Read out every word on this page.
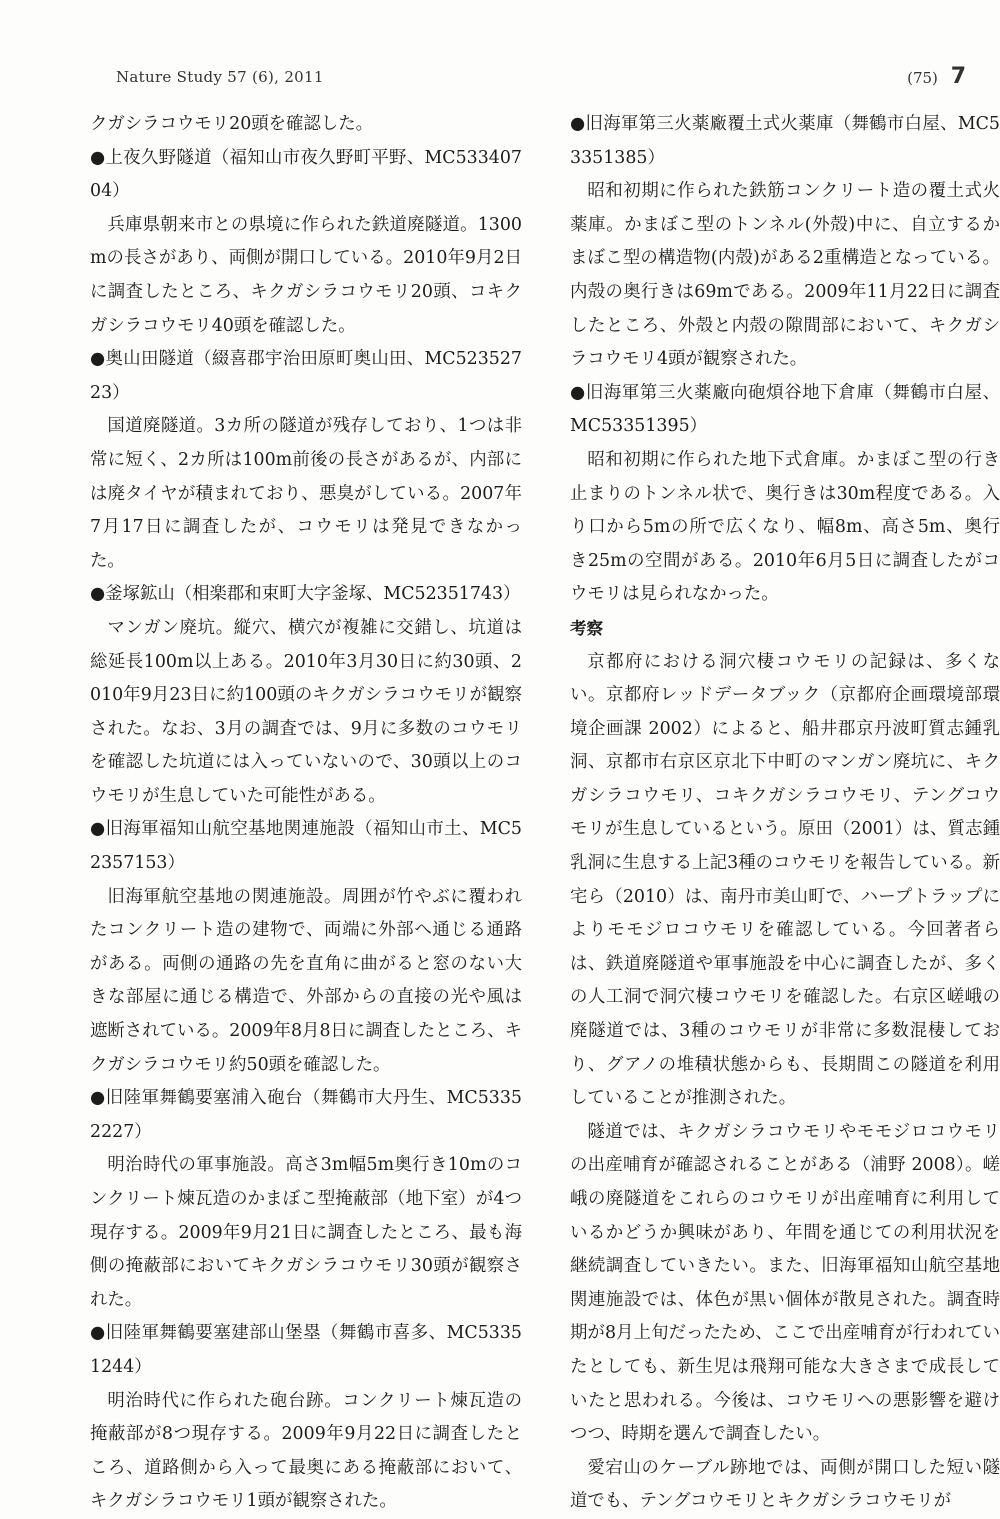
Nature Study 57 (6), 2011	(75) 7

クガシラコウモリ20頭を確認した。

●上夜久野隧道（福知山市夜久野町平野、MC53340704）

兵庫県朝来市との県境に作られた鉄道廃隧道。1300mの長さがあり、両側が開口している。2010年9月2日に調査したところ、キクガシラコウモリ20頭、コキクガシラコウモリ40頭を確認した。

●奥山田隧道（綴喜郡宇治田原町奥山田、MC52352723）

国道廃隧道。3カ所の隧道が残存しており、1つは非常に短く、2カ所は100m前後の長さがあるが、内部には廃タイヤが積まれており、悪臭がしている。2007年7月17日に調査したが、コウモリは発見できなかった。

●釜塚鉱山（相楽郡和束町大字釜塚、MC52351743）

マンガン廃坑。縦穴、横穴が複雑に交錯し、坑道は総延長100m以上ある。2010年3月30日に約30頭、2010年9月23日に約100頭のキクガシラコウモリが観察された。なお、3月の調査では、9月に多数のコウモリを確認した坑道には入っていないので、30頭以上のコウモリが生息していた可能性がある。

●旧海軍福知山航空基地関連施設（福知山市土、MC52357153）

旧海軍航空基地の関連施設。周囲が竹やぶに覆われたコンクリート造の建物で、両端に外部へ通じる通路がある。両側の通路の先を直角に曲がると窓のない大きな部屋に通じる構造で、外部からの直接の光や風は遮断されている。2009年8月8日に調査したところ、キクガシラコウモリ約50頭を確認した。

●旧陸軍舞鶴要塞浦入砲台（舞鶴市大丹生、MC53352227）

明治時代の軍事施設。高さ3m幅5m奥行き10mのコンクリート煉瓦造のかまぼこ型掩蔽部（地下室）が4つ現存する。2009年9月21日に調査したところ、最も海側の掩蔽部においてキクガシラコウモリ30頭が観察された。

●旧陸軍舞鶴要塞建部山堡塁（舞鶴市喜多、MC53351244）

明治時代に作られた砲台跡。コンクリート煉瓦造の掩蔽部が8つ現存する。2009年9月22日に調査したところ、道路側から入って最奥にある掩蔽部において、キクガシラコウモリ1頭が観察された。

●旧海軍第三火薬廠覆土式火薬庫（舞鶴市白屋、MC53351385）

昭和初期に作られた鉄筋コンクリート造の覆土式火薬庫。かまぼこ型のトンネル(外殻)中に、自立するかまぼこ型の構造物(内殻)がある2重構造となっている。内殻の奥行きは69mである。2009年11月22日に調査したところ、外殻と内殻の隙間部において、キクガシラコウモリ4頭が観察された。

●旧海軍第三火薬廠向砲煩谷地下倉庫（舞鶴市白屋、MC53351395）

昭和初期に作られた地下式倉庫。かまぼこ型の行き止まりのトンネル状で、奥行きは30m程度である。入り口から5mの所で広くなり、幅8m、高さ5m、奥行き25mの空間がある。2010年6月5日に調査したがコウモリは見られなかった。

考察

京都府における洞穴棲コウモリの記録は、多くない。京都府レッドデータブック（京都府企画環境部環境企画課 2002）によると、船井郡京丹波町質志鍾乳洞、京都市右京区京北下中町のマンガン廃坑に、キクガシラコウモリ、コキクガシラコウモリ、テングコウモリが生息しているという。原田（2001）は、質志鍾乳洞に生息する上記3種のコウモリを報告している。新宅ら（2010）は、南丹市美山町で、ハープトラップによりモモジロコウモリを確認している。今回著者らは、鉄道廃隧道や軍事施設を中心に調査したが、多くの人工洞で洞穴棲コウモリを確認した。右京区嵯峨の廃隧道では、3種のコウモリが非常に多数混棲しており、グアノの堆積状態からも、長期間この隧道を利用していることが推測された。

隧道では、キクガシラコウモリやモモジロコウモリの出産哺育が確認されることがある（浦野 2008）。嵯峨の廃隧道をこれらのコウモリが出産哺育に利用しているかどうか興味があり、年間を通じての利用状況を継続調査していきたい。また、旧海軍福知山航空基地関連施設では、体色が黒い個体が散見された。調査時期が8月上旬だったため、ここで出産哺育が行われていたとしても、新生児は飛翔可能な大きさまで成長していたと思われる。今後は、コウモリへの悪影響を避けつつ、時期を選んで調査したい。

愛宕山のケーブル跡地では、両側が開口した短い隧道でも、テングコウモリとキクガシラコウモリが
